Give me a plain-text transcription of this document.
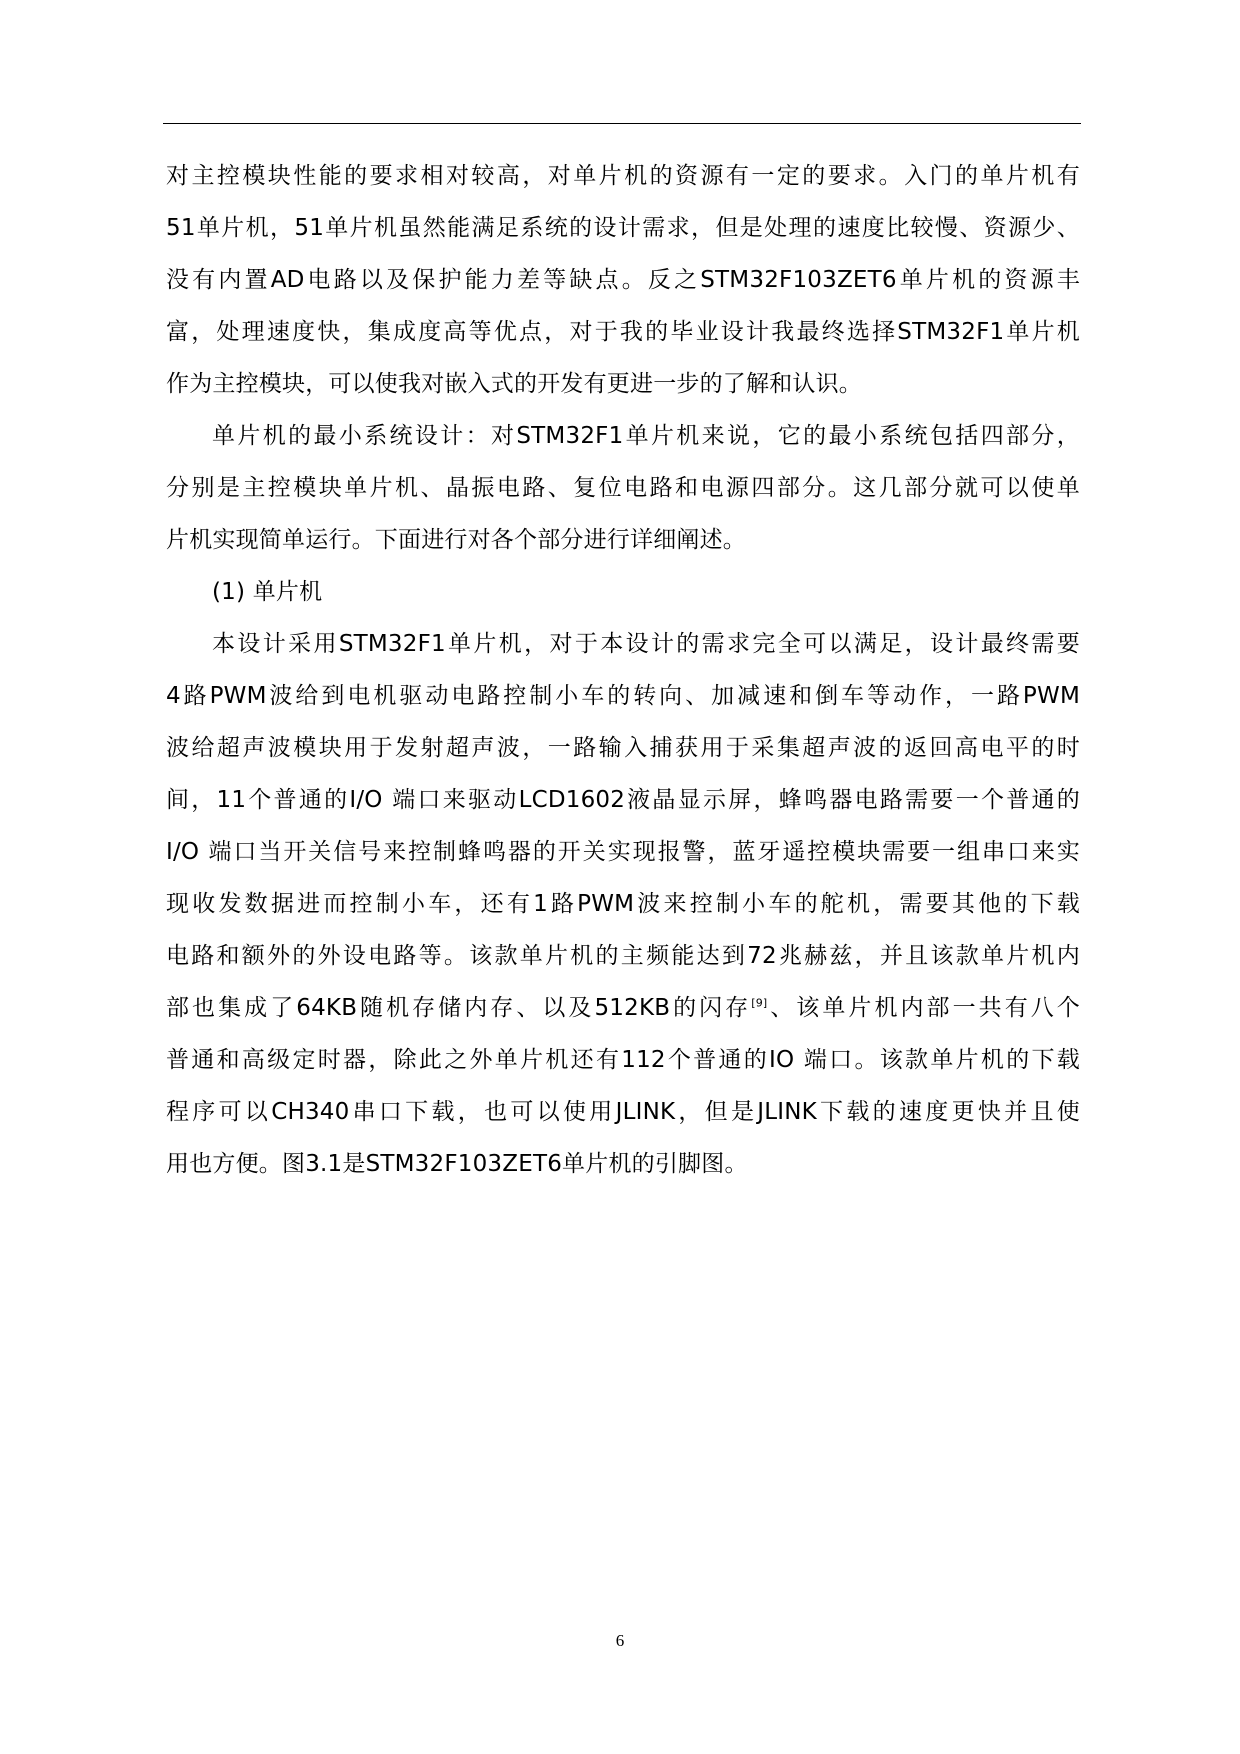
对主控模块性能的要求相对较高，对单片机的资源有一定的要求。入门的单片机有
51单片机，51单片机虽然能满足系统的设计需求，但是处理的速度比较慢、资源少、
没有内置AD电路以及保护能力差等缺点。反之STM32F103ZET6单片机的资源丰
富，处理速度快，集成度高等优点，对于我的毕业设计我最终选择STM32F1单片机
作为主控模块，可以使我对嵌入式的开发有更进一步的了解和认识。

单片机的最小系统设计：对STM32F1单片机来说，它的最小系统包括四部分，
分别是主控模块单片机、晶振电路、复位电路和电源四部分。这几部分就可以使单
片机实现简单运行。下面进行对各个部分进行详细阐述。

(1) 单片机

本设计采用STM32F1单片机，对于本设计的需求完全可以满足，设计最终需要
4路PWM波给到电机驱动电路控制小车的转向、加减速和倒车等动作，一路PWM
波给超声波模块用于发射超声波，一路输入捕获用于采集超声波的返回高电平的时
间，11个普通的I/O 端口来驱动LCD1602液晶显示屏，蜂鸣器电路需要一个普通的
I/O 端口当开关信号来控制蜂鸣器的开关实现报警，蓝牙遥控模块需要一组串口来实
现收发数据进而控制小车，还有1路PWM波来控制小车的舵机，需要其他的下载
电路和额外的外设电路等。该款单片机的主频能达到72兆赫兹，并且该款单片机内
部也集成了64KB随机存储内存、以及512KB的闪存[9]、该单片机内部一共有八个
普通和高级定时器，除此之外单片机还有112个普通的IO 端口。该款单片机的下载
程序可以CH340串口下载，也可以使用JLINK，但是JLINK下载的速度更快并且使
用也方便。图3.1是STM32F103ZET6单片机的引脚图。

6
